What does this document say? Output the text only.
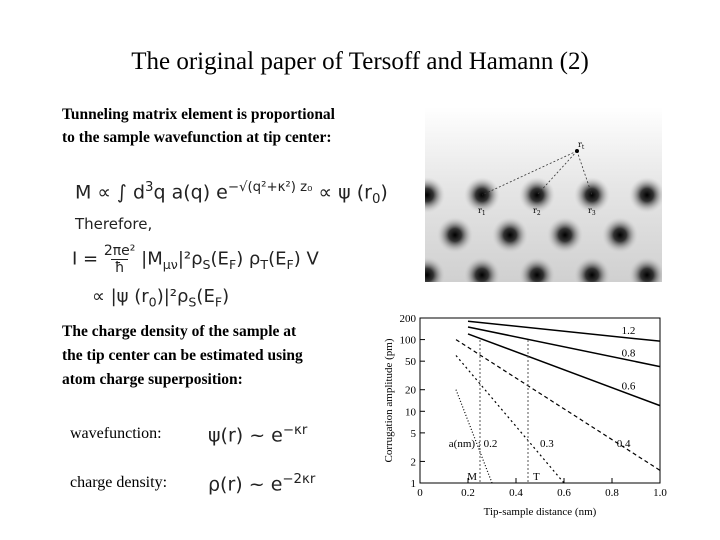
The original paper of Tersoff and Hamann (2)
Tunneling matrix element is proportional
to the sample wavefunction at tip center:
M ∝ ∫ $d^3q$ a(q) $e^{-√(q^2+\kappa^2) z_0} \propto \psi$ $(r_0)$
Therefore,
I = 2πe²
ħ $|M_{\mu\nu}|^2\rho_S(E_F)$ $\rho_T(E_F)$ V
∝ |ψ $(r_0)|^2\rho_S(E_F)$
The charge density of the sample at
the tip center can be estimated using
atom charge superposition:
wavefunction: ψ(r) ~ $e^{-\kappa r}$
charge density: ρ(r) ~ $e^{-2\kappa r}$
$r_t$
$r_1$	$r_2$	$r_3$
1
2
5
10
20
50
100
200
0	0.2	0.4	0.6	0.8	1.0
Tip-sample distance (nm)
Corrugation amplitude (pm)
1.2
0.8
0.6
0.4
0.3
a(nm) : 0.2
M	T
